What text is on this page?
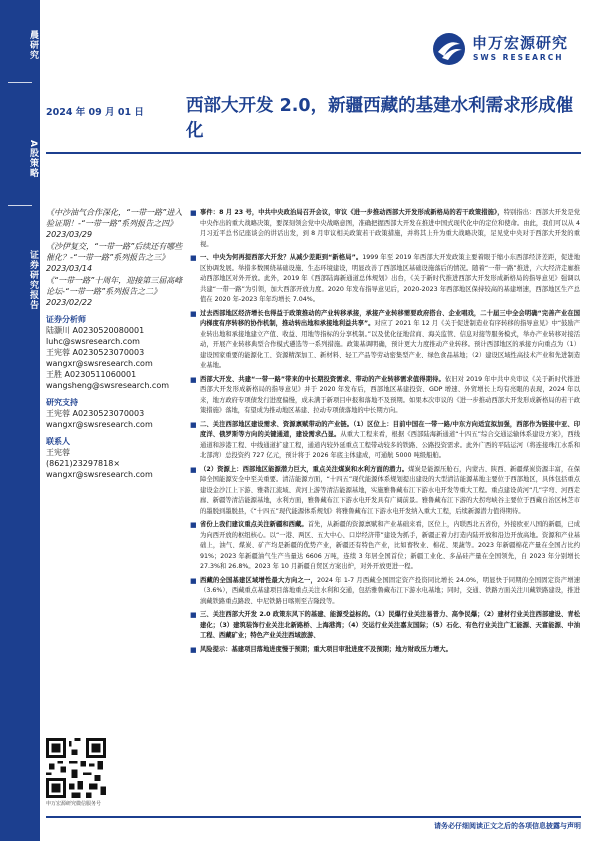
晨研究
A股策略
证券研究报告
申万宏源研究
SWS RESEARCH
2024 年 09 月 01 日 西部大开发 2.0，新疆西藏的基建水利需求形成催化
《中沙油气合作深化，“一带一路”进入验证期！-“一带一路”系列报告之四》 2023/03/29
《沙伊复交，“一带一路”后续还有哪些催化？-“一带一路”系列报告之三》 2023/03/14
《“一带一路”十周年，迎接第三届高峰论坛-“一带一路”系列报告之二》 2023/02/22
证券分析师
陆灏川 A0230520080001
luhc@swsresearch.com
王宪蓉 A0230523070003
wangxr@swsresearch.com
王胜 A0230511060001
wangsheng@swsresearch.com
研究支持
王宪蓉 A0230523070003
wangxr@swsresearch.com
联系人
王宪蓉
(8621)23297818×
wangxr@swsresearch.com
申万宏源研究微信服务号
■ 事件：8 月 23 号，中共中央政治局召开会议，审议《进一步推动西部大开发形成新格局的若干政策措施》，特别指出：西部大开发是党中央作出的重大战略决策，要深刻领会党中央战略意图，准确把握西部大开发在推进中国式现代化中的定位和使命。由此，我们可以从 4 月习近平总书记座谈会的讲话出发，到 8 月审议相关政策若干政策措施，并将其上升为重大战略决策，足见党中央对于西部大开发的重视。
■ 一、中央为何再提西部大开发？从减少差距到“新格局”。1999 年至 2019 年西部大开发政策主要着眼于缩小东西部经济差距，促进地区协调发展。举措多数围绕基础设施、生态环境建设，明显改善了西部地区基础设施落后的情况。随着“一带一路”推进，六大经济走廊推动西部地区对外开放。此外，2019 年《西部陆海新通道总体规划》出台，《关于新时代推进西部大开发形成新格局的指导意见》强调以共建“一带一路”为引领，加大西部开放力度。2020 年发布指导意见后，2020-2023 年西部地区保持较高的基建增速，西部地区生产总值在 2020 年-2023 年年均增长 7.04%。
■ 过去西部地区经济增长也得益于政策推动的产业转移承接，承接产业转移需要政府搭台、企业唱戏，二十届三中全会明确“完善产业在国内梯度有序转移的协作机制，推动转出地和承接地利益共享”。对应了 2021 年 12 月《关于促进制造业有序转移的指导意见》中“鼓励产业转出地和承接地建立产值、收益、用地等指标的分享机制。”以及优化征地营商、海关监管、信息对接等服务模式，举办产业转移对接活动，开展产业转移典型合作模式遴选等一系列措施。政策基调明确，预计更大力度推动产业转移。预计西部地区的承接方向重点为（1）建设国家重要的能源化工、资源精深加工、新材料、轻工产品等劳动密集型产业、绿色食品基地；（2）建设区域性高技术产业和先进制造业基地。
■ 西部大开发、共建“一带一路”带来的中长期投资需求、带动的产业转移需求值得期待。依旧对 2019 年中共中央审议《关于新时代推进西部大开发形成新格局的指导意见》并于 2020 年发布后，西部地区基建投资、GDP 增速、外贸增长上均有亮眼的表现，2024 年以来，地方政府专项债发行进度偏慢，成未满于新项目申报和落地不及预期。如果本次审议的《进一步推动西部大开发形成新格局的若干政策措施》落地，有望成为推动地区基建、拉动专项债落地的中长期方向。
■ 二、关注西部地区建设需求、资源禀赋带动的产业链。（1）区位上：目前中国在一带一路/中东方向适宜拟加强，西部作为链接中亚、印度洋、俄罗斯等方向的关键通道，建设需求凸显。从重大工程来看，根据《西部陆海新通道“十四五”综合交通运输体系建设方案》，西线通道和涉港工程、中线通道扩建工程，通道内较外延重点工程带动较多的铁路、公路投资需求。此外广西的平陆运河（将连接珠江水系和北部湾）总投资约 727 亿元，预计将于 2026 年底主体建成，可通航 5000 吨级船舶。
■ （2）资源上：西部地区能源潜力巨大，重点关注煤炭和水利方面的潜力。煤炭是能源压舱石，内蒙古、陕西、新疆煤炭资源丰富，在保障全国能源安全中至关重要。清洁能源方面，“十四五”现代能源体系规划提出建设的大型清洁能源基地主要位于西部地区，具体包括重点建设金沙江上下游、雅砻江流域、黄河上游等清洁能源基地，实施雅鲁藏布江下游水电开发等重大工程。重点建设黄河“几”字弯、河西走廊、新疆等清洁能源基地，水利方面，雅鲁藏布江下游水电开发具有广阔前景。雅鲁藏布江下游的大拐弯峡谷主要位于西藏自治区林芝市的墨脱到墨脱县，《“十四五”现代能源体系规划》将雅鲁藏布江下游水电开发纳入重大工程，后续新源潜力值得期待。
■ 省份上我们建议重点关注新疆和西藏。首先，从新疆的资源禀赋和产业基础来看，区位上，内联西北五省份，外接欧亚八国的新疆，已成为向西开放的枢纽核心。以“一港、两区、五大中心、口岸经济带”建设为抓手，新疆正着力打造内陆开放和沿边开放高地。资源和产业基础上，油气、煤炭、矿产均是新疆的优势产业，新疆还有特色产业，比如畜牧业、棉花、果蔬等。2023 年新疆棉花产量在全国占比约 91%；2023 年新疆油气生产当量达 6606 万吨，连续 3 年居全国首位；新疆工业化、多晶硅产量在全国领先，自 2023 年分别增长 27.3%和 26.8%。2023 年 10 月新疆自贸区方案出炉，对外开放更进一程。
■ 西藏的全国基建区域增性最大方向之一，2024 年 1-7 月西藏全国固定资产投资同比增长 24.0%，明显快于同期的全国固定资产增速（3.6%），西藏重点基建项目落地重点关注水利和交通，包括雅鲁藏布江下游水电基地；同时，交通、铁路方面关注川藏铁路建设，推进滇藏铁路重点路段、中尼铁路日喀则至吉隆段等。
■ 三、关注西部大开发 2.0 政策东风下的基建、能源受益标的。（1）民爆行业关注易普力、高争民爆；（2）建材行业关注西部建设、青松建化；（3）建筑装饰行业关注北新路桥、上海港湾；（4）交运行业关注嘉友国际；（5）石化、有色行业关注广汇能源、天富能源、中油工程、西藏矿业；特色产业关注西域旅游、
■ 风险提示：基建项目落地进度慢于预期；重大项目审批进度不及预期；地方财政压力增大。
请务必仔细阅读正文之后的各项信息披露与声明
